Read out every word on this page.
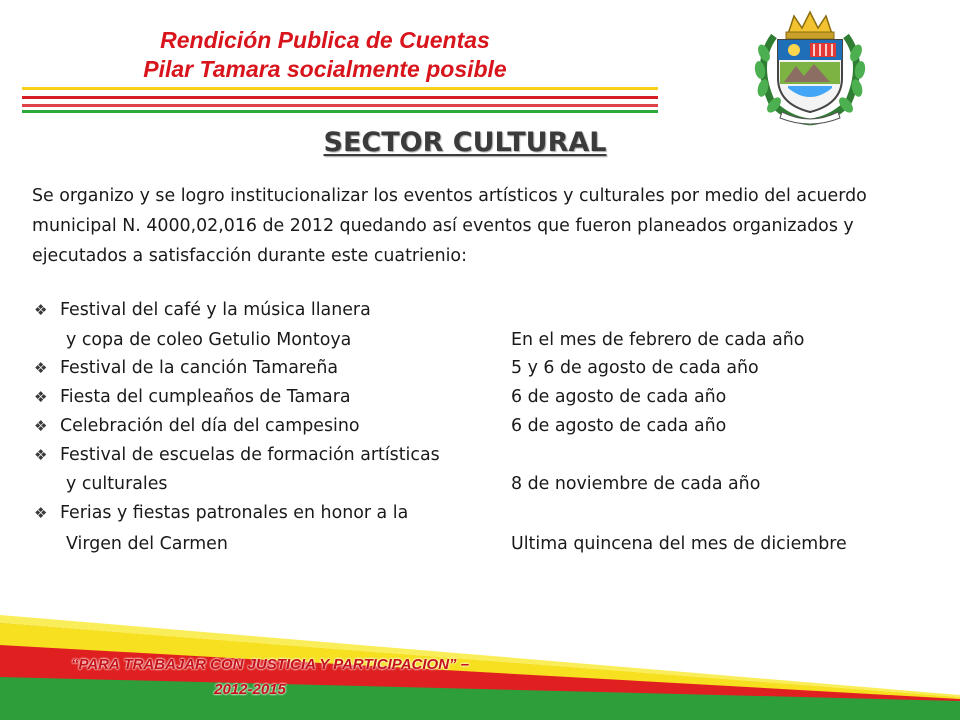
Rendición Publica de Cuentas
Pilar Tamara socialmente posible
SECTOR CULTURAL
Se organizo y se logro institucionalizar los eventos artísticos y culturales por medio del acuerdo municipal N. 4000,02,016 de 2012 quedando así eventos que fueron planeados organizados y ejecutados a satisfacción durante este cuatrienio:
❖ Festival del café y la música llanera
y copa de coleo Getulio Montoya	En el mes de febrero de cada año
❖ Festival de la canción Tamareña	5 y 6 de agosto de cada año
❖ Fiesta del cumpleaños de Tamara	6 de agosto de cada año
❖ Celebración del día del campesino	6 de agosto de cada año
❖ Festival de escuelas de formación artísticas
y culturales	8 de noviembre de cada año
❖ Ferias y fiestas patronales en honor a la
Virgen del Carmen	Ultima quincena del mes de diciembre
“PARA TRABAJAR CON JUSTICIA Y PARTICIPACION” –
2012-2015
